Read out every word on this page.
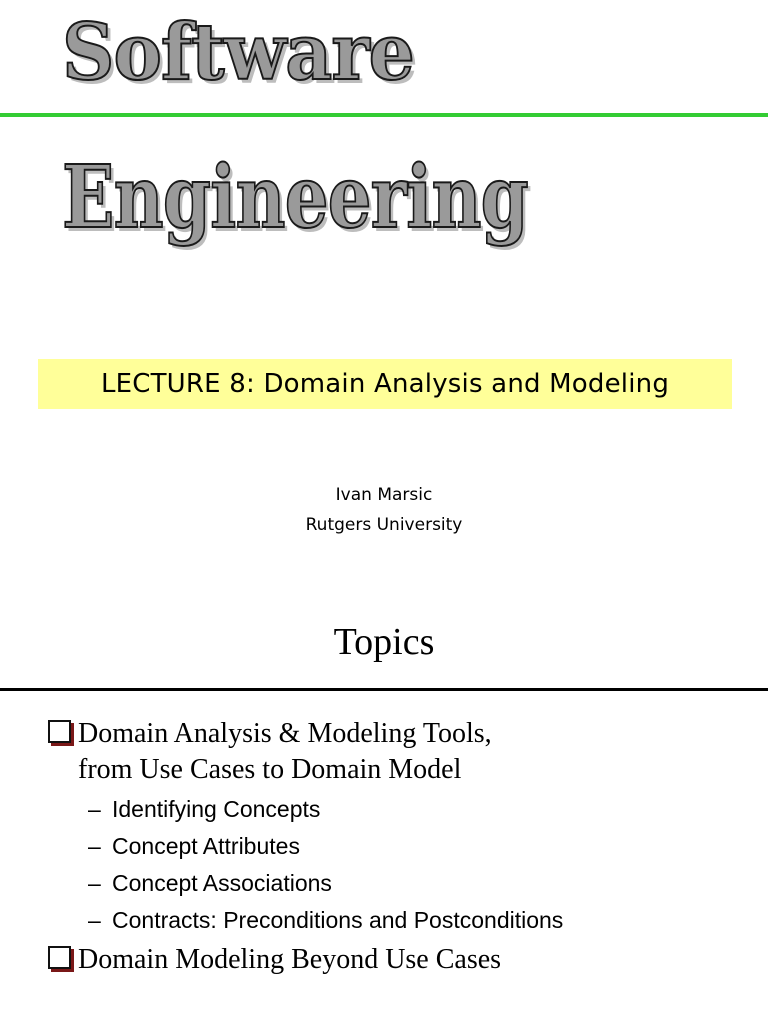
Software
Engineering
LECTURE 8: Domain Analysis and Modeling
Ivan Marsic
Rutgers University
Topics
Domain Analysis & Modeling Tools,
from Use Cases to Domain Model
– Identifying Concepts
– Concept Attributes
– Concept Associations
– Contracts: Preconditions and Postconditions
Domain Modeling Beyond Use Cases
